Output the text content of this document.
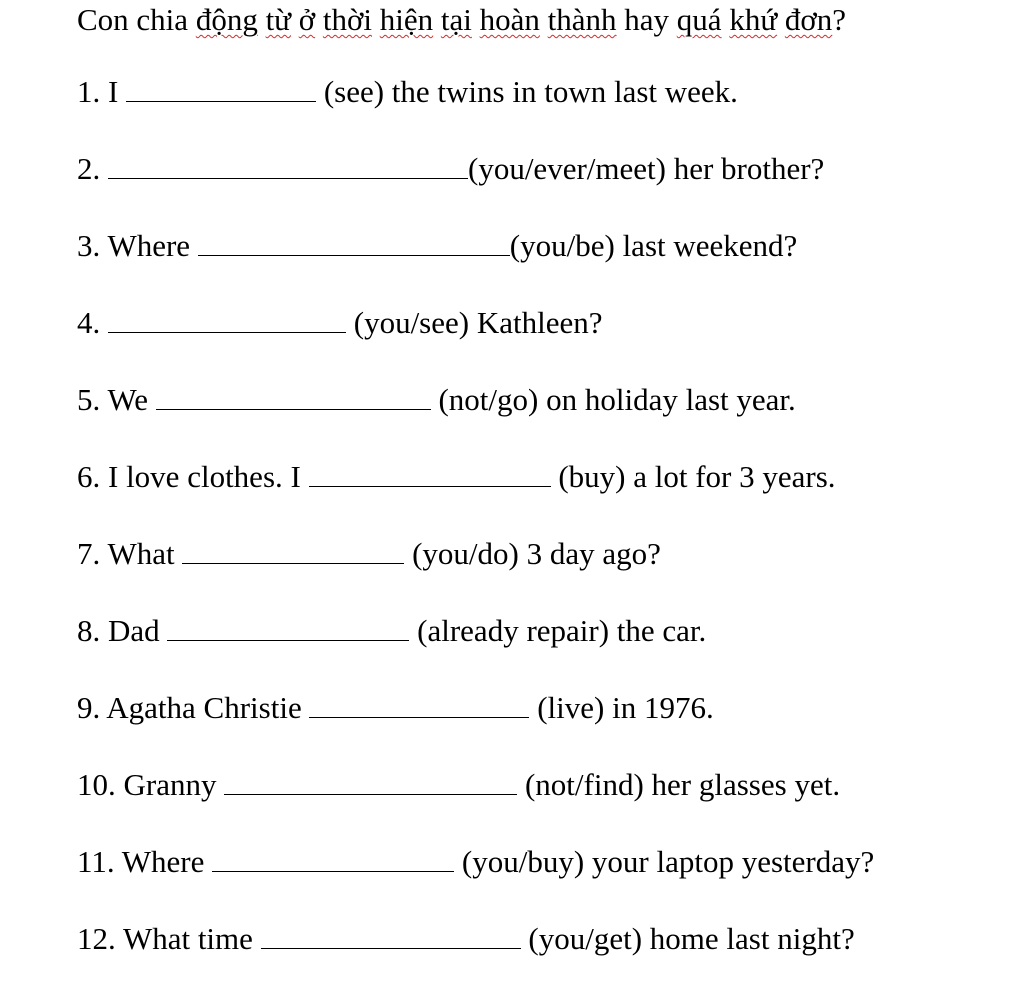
Con chia động từ ở thời hiện tại hoàn thành hay quá khứ đơn?
1. I	(see) the twins in town last week.
2.	(you/ever/meet) her brother?
3. Where	(you/be) last weekend?
4.	(you/see) Kathleen?
5. We	(not/go) on holiday last year.
6. I love clothes. I	(buy) a lot for 3 years.
7. What	(you/do) 3 day ago?
8. Dad	(already repair) the car.
9. Agatha Christie	(live) in 1976.
10. Granny	(not/find) her glasses yet.
11. Where	(you/buy) your laptop yesterday?
12. What time	(you/get) home last night?
